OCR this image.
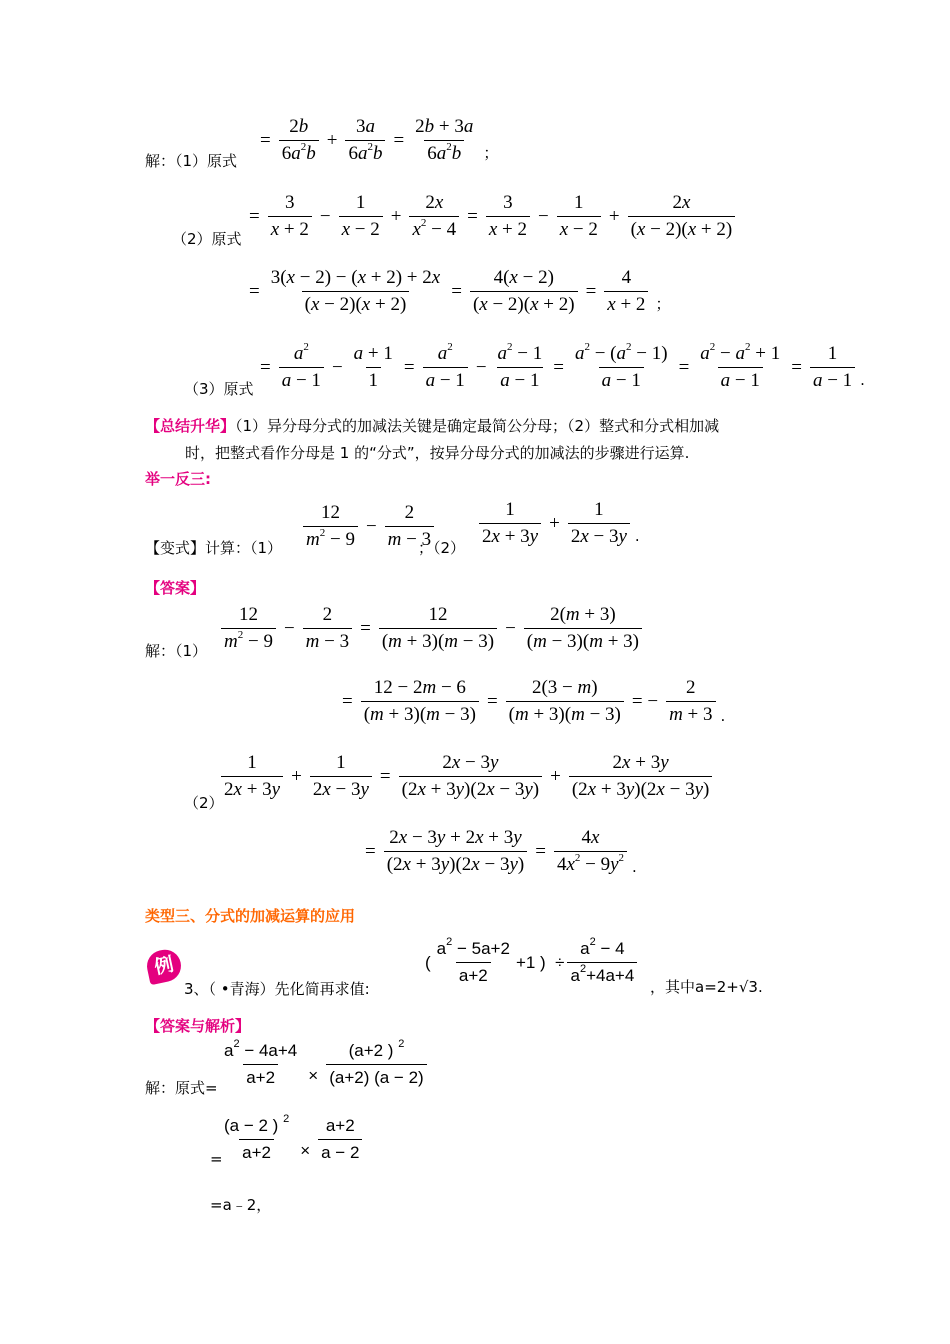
解：（1）原式
= $\frac{2b}{6a^2b} + \frac{3a}{6a^2b} = \frac{2b + 3a}{6a^2b}$ ；
（2）原式
= $\frac{3}{x + 2} - \frac{1}{x - 2} + \frac{2x}{x^2 - 4} = \frac{3}{x + 2} - \frac{1}{x - 2} + \frac{2x}{(x - 2)(x + 2)}$
= $\frac{3(x - 2) - (x + 2) + 2x}{(x - 2)(x + 2)} = \frac{4(x - 2)}{(x - 2)(x + 2)} = \frac{4}{x + 2}$ ；
（3）原式
= $\frac{a^2}{a - 1} - \frac{a + 1}{1} = \frac{a^2}{a - 1} - \frac{a^2 - 1}{a - 1} = \frac{a^2 - (a^2 - 1)}{a - 1} = \frac{a^2 - a^2 + 1}{a - 1} = \frac{1}{a - 1}$ .
【总结升华】（1）异分母分式的加减法关键是确定最简公分母；（2）整式和分式相加减
时，把整式看作分母是 1 的“分式”，按异分母分式的加减法的步骤进行运算.
举一反三:
【变式】计算：$(1) \frac{12}{m^2 - 9} - \frac{2}{m - 3}$
；$(2) \frac{1}{2x + 3y} + \frac{1}{2x - 3y}$ .
【答案】
解：$(1) \frac{12}{m^2 - 9} - \frac{2}{m - 3} = \frac{12}{(m + 3)(m - 3)} - \frac{2(m + 3)}{(m - 3)(m + 3)}$
= $\frac{12 - 2m - 6}{(m + 3)(m - 3)} = \frac{2(3 - m)}{(m + 3)(m - 3)}$ = − $\frac{2}{m + 3}$ .
（2）
$\frac{1}{2x + 3y} + \frac{1}{2x - 3y} = \frac{2x - 3y}{(2x + 3y)(2x - 3y)} + \frac{2x + 3y}{(2x + 3y)(2x - 3y)}$
= $\frac{2x - 3y + 2x + 3y}{(2x + 3y)(2x - 3y)} = \frac{4x}{4x^2 - 9y^2}$ .
类型三、分式的加减运算的应用
例
3、（ •青海）先化简再求值:
( $\frac{a^2 - 5a+2}{a+2} +1$ )  ÷ $\frac{a^2 - 4}{a^2+4a+4}$ ，其中a=2+√3.
【答案与解析】
解：原式= $\frac{a^2 - 4a+4}{a+2} \times \frac{(a+2 ) ^2}{(a+2) (a - 2)}$
=
$\frac{(a - 2 ) ^2}{a+2} \times \frac{a+2}{a - 2}$
=a﹣2，
